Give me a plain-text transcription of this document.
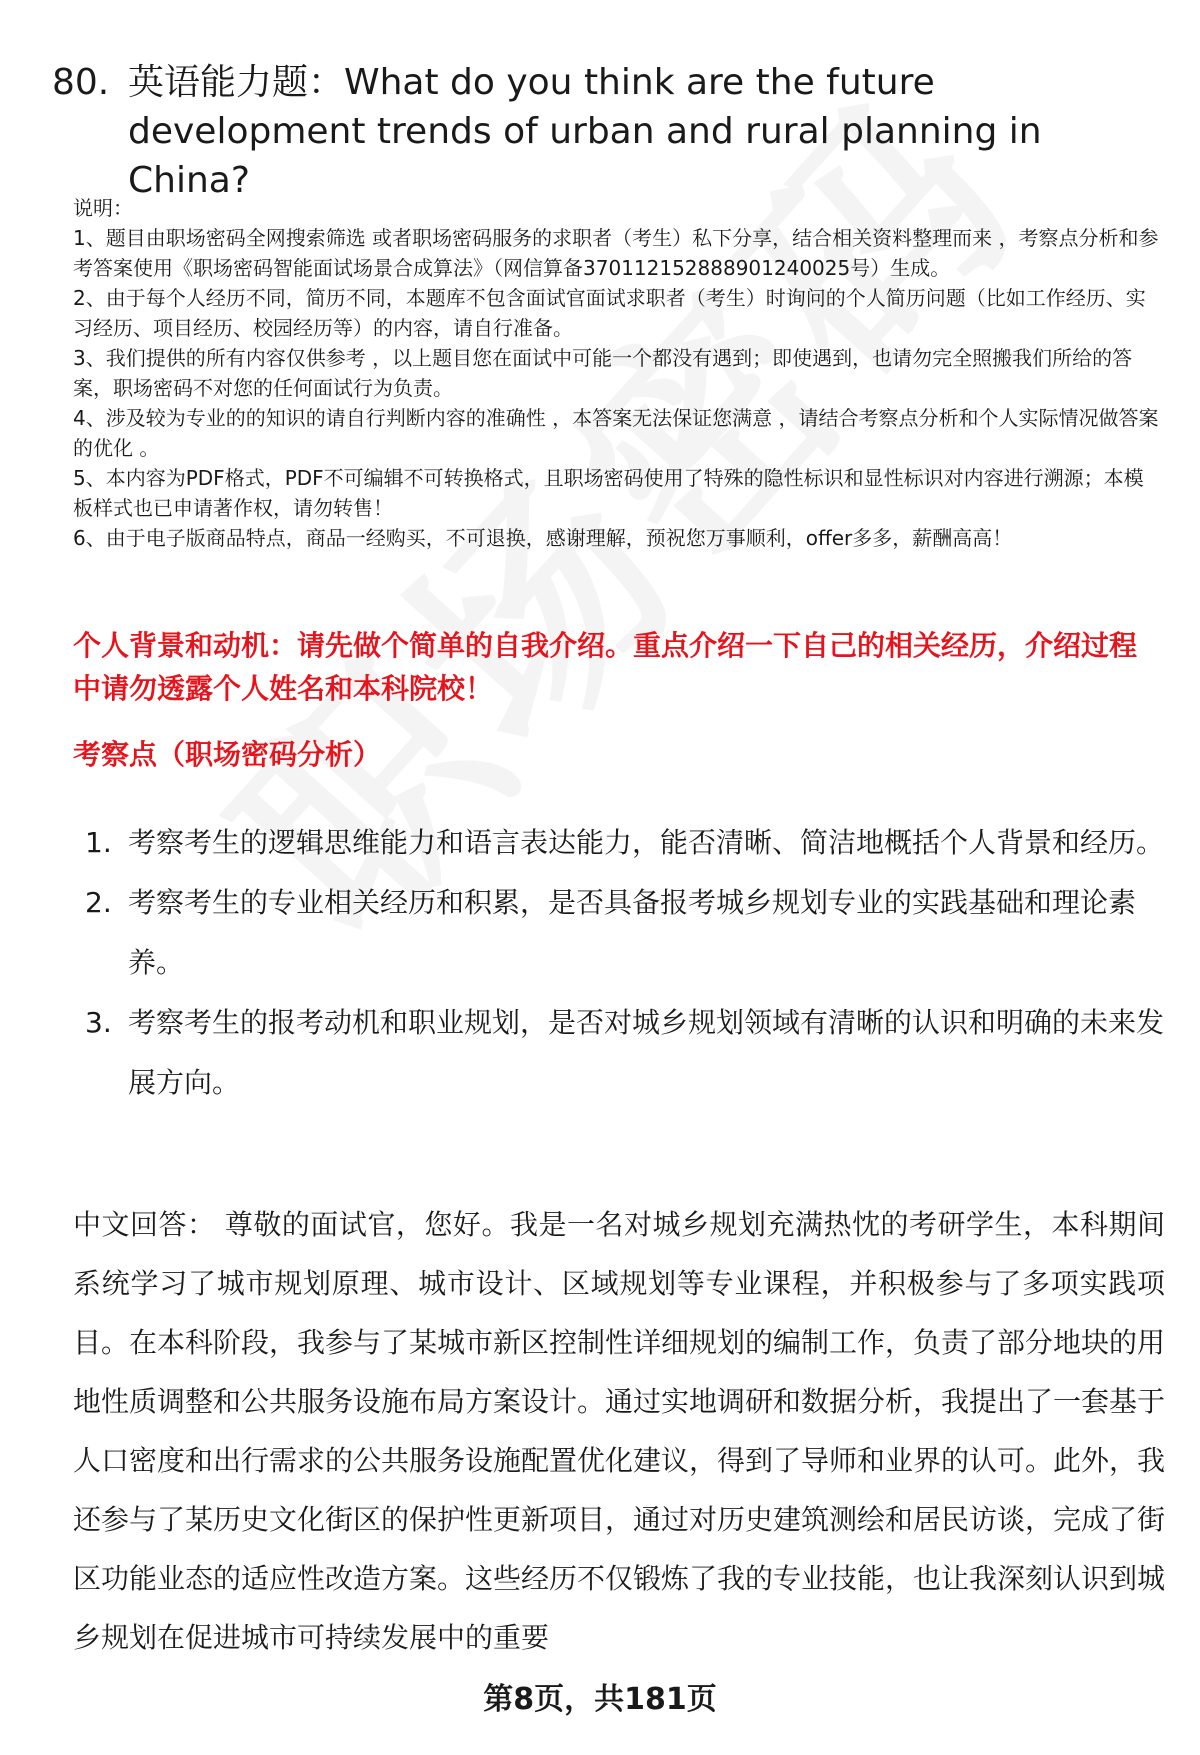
80. 英语能力题：What do you think are the future development trends of urban and rural planning in China?
说明：
1、题目由职场密码全网搜索筛选 或者职场密码服务的求职者（考生）私下分享，结合相关资料整理而来 ，考察点分析和参考答案使用《职场密码智能面试场景合成算法》（网信算备370112152888901240025号）生成。
2、由于每个人经历不同，简历不同，本题库不包含面试官面试求职者（考生）时询问的个人简历问题（比如工作经历、实习经历、项目经历、校园经历等）的内容，请自行准备。
3、我们提供的所有内容仅供参考 ，以上题目您在面试中可能一个都没有遇到；即使遇到，也请勿完全照搬我们所给的答案，职场密码不对您的任何面试行为负责。
4、涉及较为专业的的知识的请自行判断内容的准确性 ，本答案无法保证您满意 ，请结合考察点分析和个人实际情况做答案的优化 。
5、本内容为PDF格式，PDF不可编辑不可转换格式，且职场密码使用了特殊的隐性标识和显性标识对内容进行溯源；本模板样式也已申请著作权，请勿转售！
6、由于电子版商品特点，商品一经购买，不可退换，感谢理解，预祝您万事顺利，offer多多，薪酬高高！
个人背景和动机：请先做个简单的自我介绍。重点介绍一下自己的相关经历，介绍过程中请勿透露个人姓名和本科院校！
考察点（职场密码分析）
1. 考察考生的逻辑思维能力和语言表达能力，能否清晰、简洁地概括个人背景和经历。
2. 考察考生的专业相关经历和积累，是否具备报考城乡规划专业的实践基础和理论素养。
3. 考察考生的报考动机和职业规划，是否对城乡规划领域有清晰的认识和明确的未来发展方向。
中文回答： 尊敬的面试官，您好。我是一名对城乡规划充满热忱的考研学生，本科期间系统学习了城市规划原理、城市设计、区域规划等专业课程，并积极参与了多项实践项目。在本科阶段，我参与了某城市新区控制性详细规划的编制工作，负责了部分地块的用地性质调整和公共服务设施布局方案设计。通过实地调研和数据分析，我提出了一套基于人口密度和出行需求的公共服务设施配置优化建议，得到了导师和业界的认可。此外，我还参与了某历史文化街区的保护性更新项目，通过对历史建筑测绘和居民访谈，完成了街区功能业态的适应性改造方案。这些经历不仅锻炼了我的专业技能，也让我深刻认识到城乡规划在促进城市可持续发展中的重要
第8页，共181页
